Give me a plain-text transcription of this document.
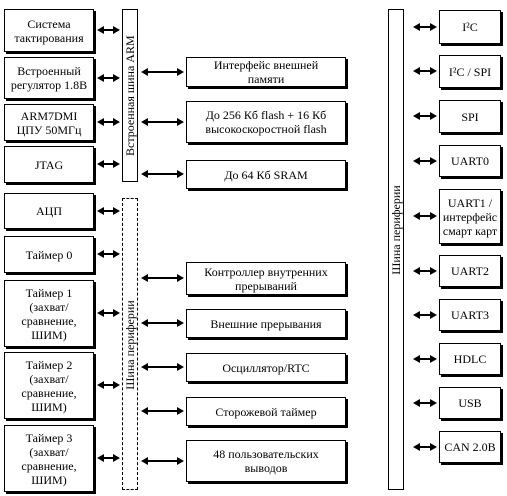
Система
тактирования
Встроенный
регулятор 1.8В
ARM7DMI
ЦПУ 50МГц
JTAG
АЦП
Таймер 0
Таймер 1
(захват/
сравнение,
ШИМ)
Таймер 2
(захват/
сравнение,
ШИМ)
Таймер 3
(захват/
сравнение,
ШИМ)
Встроенная шина ARM
Шина периферии
Интерфейс внешней
памяти
До 256 Кб flash + 16 Кб
высокоскоростной flash
До 64 Кб SRAM
Контроллер внутренних
прерываний
Внешние прерывания
Осциллятор/RTC
Сторожевой таймер
48 пользовательских
выводов
Шина периферии
I²C
I²C / SPI
SPI
UART0
UART1 /
интерфейс
смарт карт
UART2
UART3
HDLC
USB
CAN 2.0B
